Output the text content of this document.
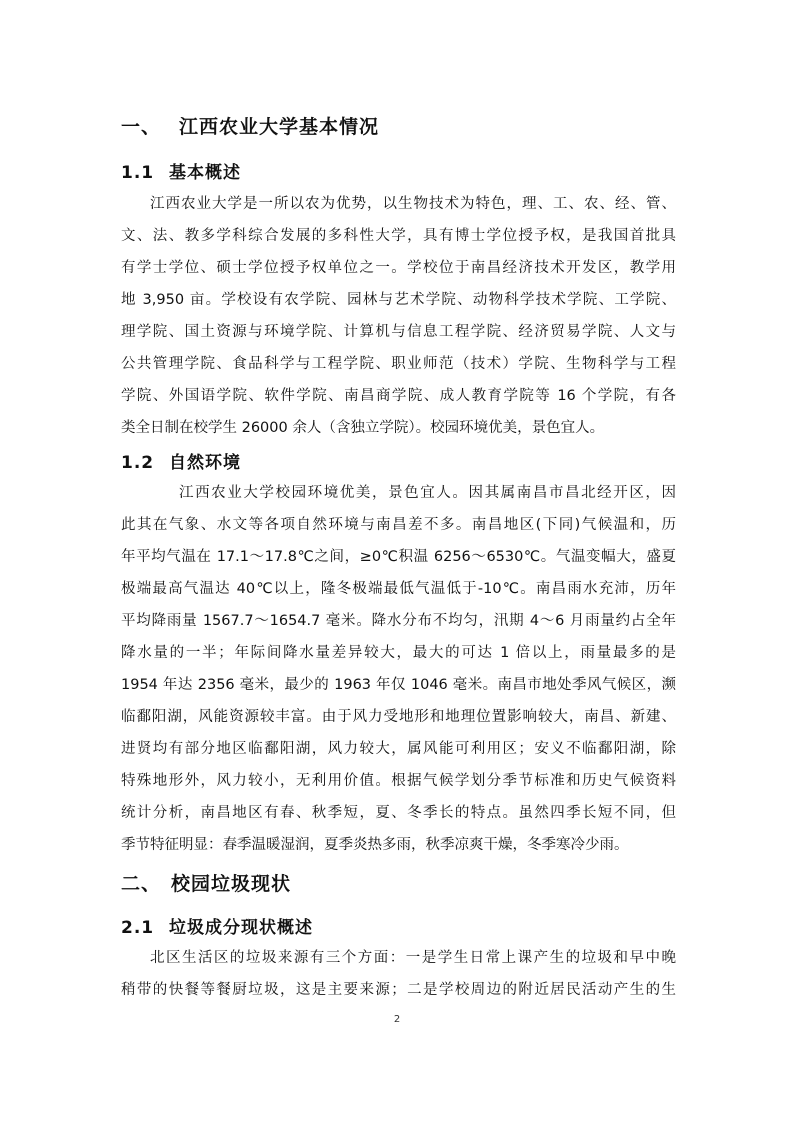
一、 江西农业大学基本情况
1.1 基本概述
江西农业大学是一所以农为优势，以生物技术为特色，理、工、农、经、管、
文、法、教多学科综合发展的多科性大学，具有博士学位授予权，是我国首批具
有学士学位、硕士学位授予权单位之一。学校位于南昌经济技术开发区，教学用
地 3,950 亩。学校设有农学院、园林与艺术学院、动物科学技术学院、工学院、
理学院、国土资源与环境学院、计算机与信息工程学院、经济贸易学院、人文与
公共管理学院、食品科学与工程学院、职业师范（技术）学院、生物科学与工程
学院、外国语学院、软件学院、南昌商学院、成人教育学院等 16 个学院，有各
类全日制在校学生 26000 余人（含独立学院）。校园环境优美，景色宜人。
1.2 自然环境
江西农业大学校园环境优美，景色宜人。因其属南昌市昌北经开区，因
此其在气象、水文等各项自然环境与南昌差不多。南昌地区(下同)气候温和，历
年平均气温在 17.1～17.8℃之间，≥0℃积温 6256～6530℃。气温变幅大，盛夏
极端最高气温达 40℃以上，隆冬极端最低气温低于-10℃。南昌雨水充沛，历年
平均降雨量 1567.7～1654.7 毫米。降水分布不均匀，汛期 4～6 月雨量约占全年
降水量的一半；年际间降水量差异较大，最大的可达 1 倍以上，雨量最多的是
1954 年达 2356 毫米，最少的 1963 年仅 1046 毫米。南昌市地处季风气候区，濒
临鄱阳湖，风能资源较丰富。由于风力受地形和地理位置影响较大，南昌、新建、
进贤均有部分地区临鄱阳湖，风力较大，属风能可利用区；安义不临鄱阳湖，除
特殊地形外，风力较小，无利用价值。根据气候学划分季节标准和历史气候资料
统计分析，南昌地区有春、秋季短，夏、冬季长的特点。虽然四季长短不同，但
季节特征明显：春季温暖湿润，夏季炎热多雨，秋季凉爽干燥，冬季寒冷少雨。
二、 校园垃圾现状
2.1 垃圾成分现状概述
北区生活区的垃圾来源有三个方面：一是学生日常上课产生的垃圾和早中晚
稍带的快餐等餐厨垃圾，这是主要来源；二是学校周边的附近居民活动产生的生
2
